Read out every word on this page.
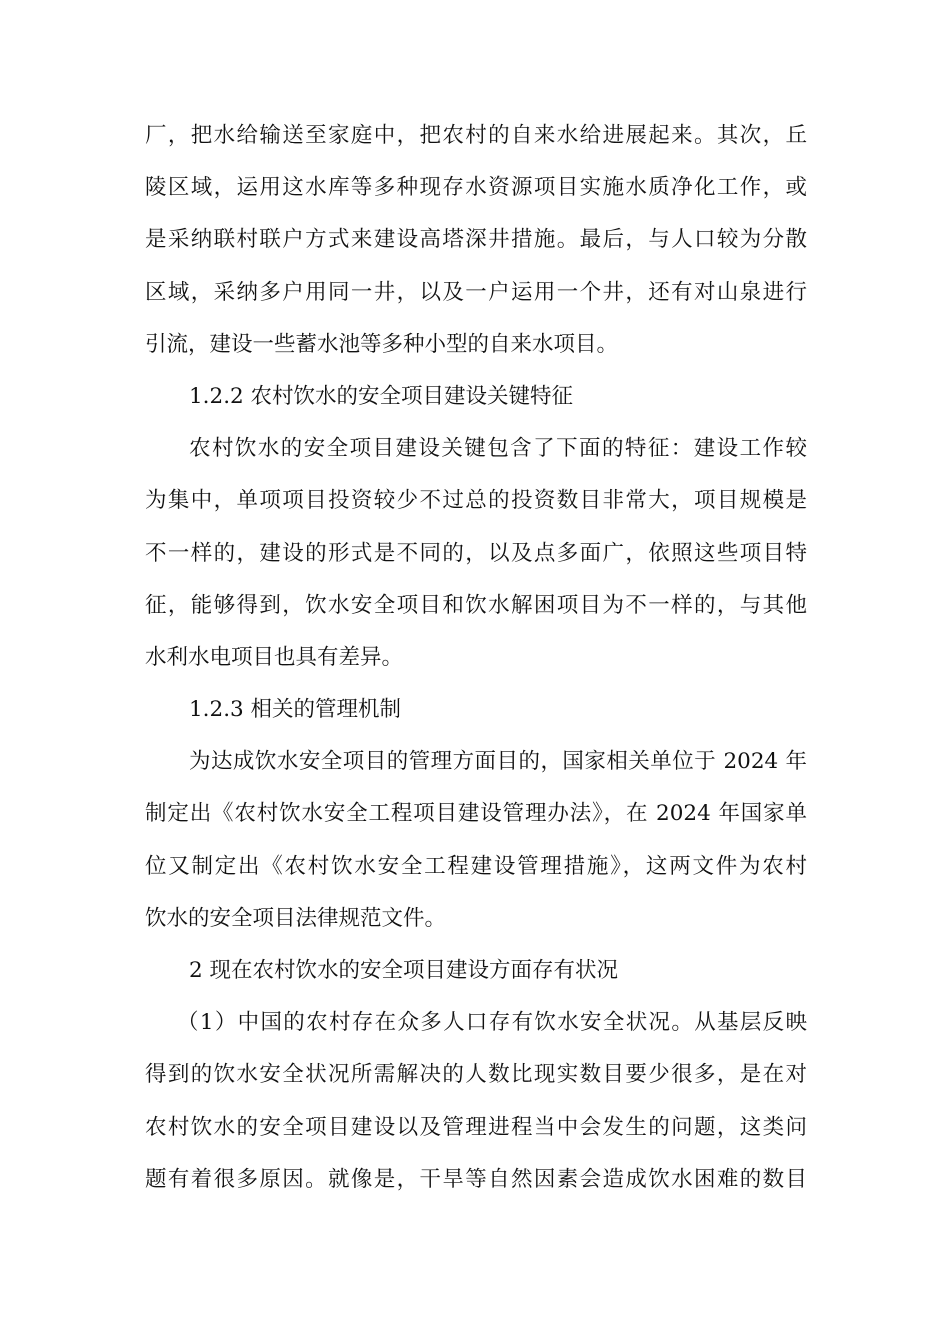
厂，把水给输送至家庭中，把农村的自来水给进展起来。其次，丘
陵区域，运用这水库等多种现存水资源项目实施水质净化工作，或
是采纳联村联户方式来建设高塔深井措施。最后，与人口较为分散
区域，采纳多户用同一井，以及一户运用一个井，还有对山泉进行
引流，建设一些蓄水池等多种小型的自来水项目。
1.2.2 农村饮水的安全项目建设关键特征
农村饮水的安全项目建设关键包含了下面的特征：建设工作较
为集中，单项项目投资较少不过总的投资数目非常大，项目规模是
不一样的，建设的形式是不同的，以及点多面广，依照这些项目特
征，能够得到，饮水安全项目和饮水解困项目为不一样的，与其他
水利水电项目也具有差异。
1.2.3 相关的管理机制
为达成饮水安全项目的管理方面目的，国家相关单位于 2024 年
制定出《农村饮水安全工程项目建设管理办法》，在 2024 年国家单
位又制定出《农村饮水安全工程建设管理措施》，这两文件为农村
饮水的安全项目法律规范文件。
2 现在农村饮水的安全项目建设方面存有状况
（1）中国的农村存在众多人口存有饮水安全状况。从基层反映
得到的饮水安全状况所需解决的人数比现实数目要少很多，是在对
农村饮水的安全项目建设以及管理进程当中会发生的问题，这类问
题有着很多原因。就像是，干旱等自然因素会造成饮水困难的数目
